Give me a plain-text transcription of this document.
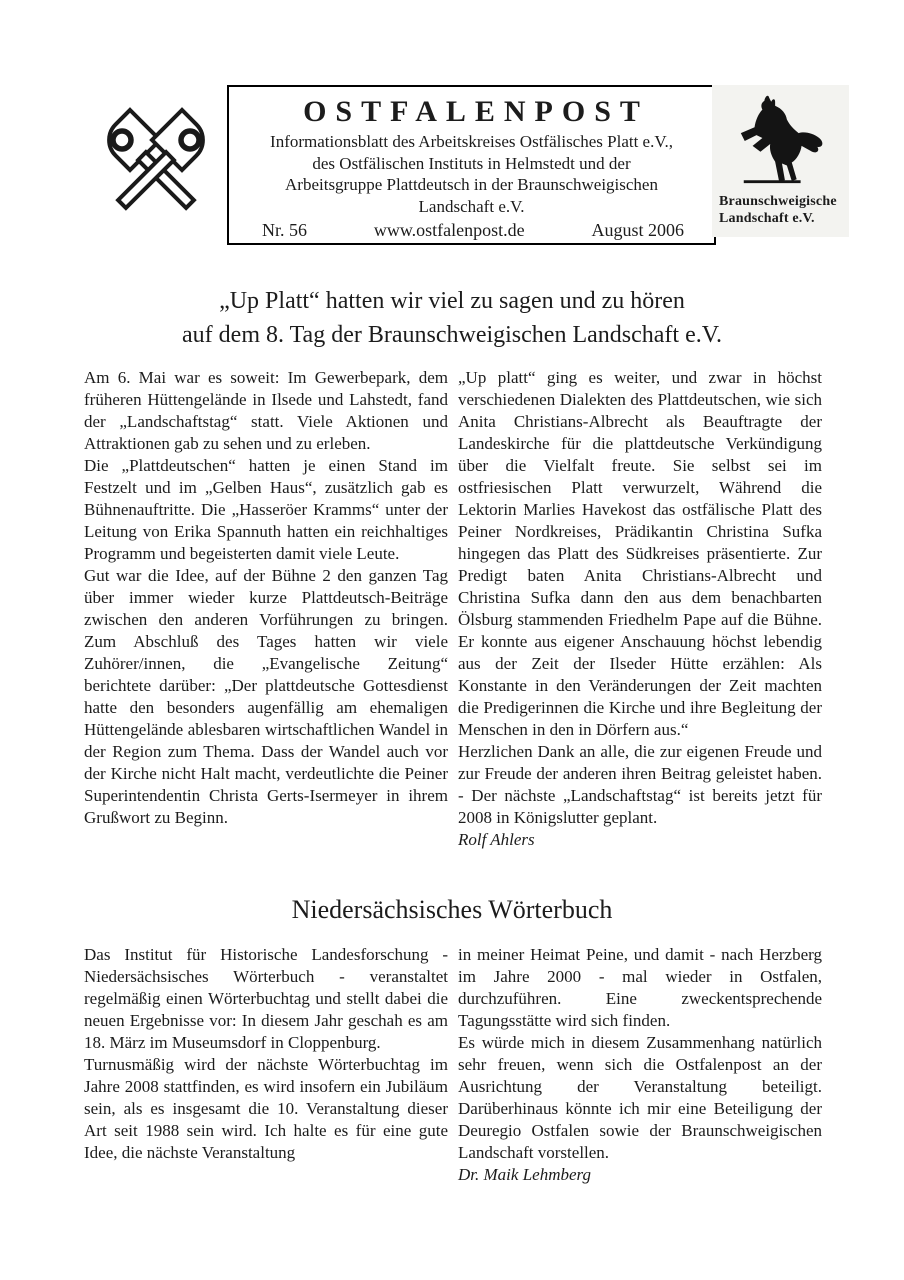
OSTFALENPOST
Informationsblatt des Arbeitskreises Ostfälisches Platt e.V.,
des Ostfälischen Instituts in Helmstedt und der
Arbeitsgruppe Plattdeutsch in der Braunschweigischen
Landschaft e.V.
Nr. 56	www.ostfalenpost.de	August 2006
Braunschweigische
Landschaft e.V.
„Up Platt“ hatten wir viel zu sagen und zu hören
auf dem 8. Tag der Braunschweigischen Landschaft e.V.

Am 6. Mai war es soweit: Im Gewerbepark, dem früheren Hüttengelände in Ilsede und Lahstedt, fand der „Landschaftstag“ statt. Viele Aktionen und Attraktionen gab zu sehen und zu erleben.

Die „Plattdeutschen“ hatten je einen Stand im Festzelt und im „Gelben Haus“, zusätzlich gab es Bühnenauftritte. Die „Hasseröer Kramms“ unter der Leitung von Erika Spannuth hatten ein reichhaltiges Programm und begeisterten damit viele Leute.

Gut war die Idee, auf der Bühne 2 den ganzen Tag über immer wieder kurze Plattdeutsch-Beiträge zwischen den anderen Vorführungen zu bringen. Zum Abschluß des Tages hatten wir viele Zuhörer/innen, die „Evangelische Zeitung“ berichtete darüber: „Der plattdeutsche Gottesdienst hatte den besonders augenfällig am ehemaligen Hüttengelände ablesbaren wirtschaftlichen Wandel in der Region zum Thema. Dass der Wandel auch vor der Kirche nicht Halt macht, verdeutlichte die Peiner Superintendentin Christa Gerts-Isermeyer in ihrem Grußwort zu Beginn.

„Up platt“ ging es weiter, und zwar in höchst verschiedenen Dialekten des Plattdeutschen, wie sich Anita Christians-Albrecht als Beauftragte der Landeskirche für die plattdeutsche Verkündigung über die Vielfalt freute. Sie selbst sei im ostfriesischen Platt verwurzelt, Während die Lektorin Marlies Havekost das ostfälische Platt des Peiner Nordkreises, Prädikantin Christina Sufka hingegen das Platt des Südkreises präsentierte. Zur Predigt baten Anita Christians-Albrecht und Christina Sufka dann den aus dem benachbarten Ölsburg stammenden Friedhelm Pape auf die Bühne. Er konnte aus eigener Anschauung höchst lebendig aus der Zeit der Ilseder Hütte erzählen: Als Konstante in den Veränderungen der Zeit machten die Predigerinnen die Kirche und ihre Begleitung der Menschen in den in Dörfern aus.“

Herzlichen Dank an alle, die zur eigenen Freude und zur Freude der anderen ihren Beitrag geleistet haben. - Der nächste „Landschaftstag“ ist bereits jetzt für 2008 in Königslutter geplant.

Rolf Ahlers

Niedersächsisches Wörterbuch

Das Institut für Historische Landesforschung - Niedersächsisches Wörterbuch - veranstaltet regelmäßig einen Wörterbuchtag und stellt dabei die neuen Ergebnisse vor: In diesem Jahr geschah es am 18. März im Museumsdorf in Cloppenburg.

Turnusmäßig wird der nächste Wörterbuchtag im Jahre 2008 stattfinden, es wird insofern ein Jubiläum sein, als es insgesamt die 10. Veranstaltung dieser Art seit 1988 sein wird. Ich halte es für eine gute Idee, die nächste Veranstaltung

in meiner Heimat Peine, und damit - nach Herzberg im Jahre 2000 - mal wieder in Ostfalen, durchzuführen. Eine zweckentsprechende Tagungsstätte wird sich finden.

Es würde mich in diesem Zusammenhang natürlich sehr freuen, wenn sich die Ostfalenpost an der Ausrichtung der Veranstaltung beteiligt. Darüberhinaus könnte ich mir eine Beteiligung der Deuregio Ostfalen sowie der Braunschweigischen Landschaft vorstellen.

Dr. Maik Lehmberg
